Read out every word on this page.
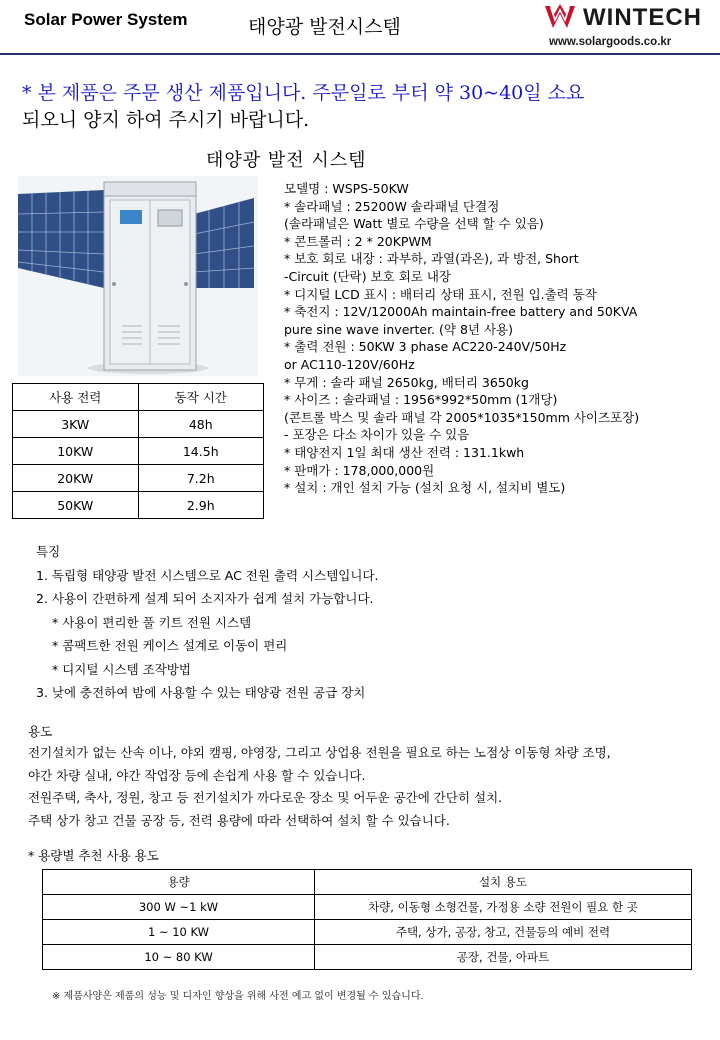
Solar Power System	태양광 발전시스템	WINTECH
www.solargoods.co.kr
* 본 제품은 주문 생산 제품입니다. 주문일로 부터 약 30~40일 소요
되오니 양지 하여 주시기 바랍니다.
태양광 발전 시스템
모델명 : WSPS-50KW
* 솔라패널 : 25200W 솔라패널 단결정
(솔라패널은 Watt 별로 수량을 선택 할 수 있음)
* 콘트롤러 : 2 * 20KPWM
* 보호 회로 내장 : 과부하, 과열(과온), 과 방전, Short
-Circuit (단락) 보호 회로 내장
* 디지털 LCD 표시 : 배터리 상태 표시, 전원 입.출력 동작
* 축전지 : 12V/12000Ah maintain-free battery and 50KVA
pure sine wave inverter. (약 8년 사용)
* 출력 전원 : 50KW 3 phase AC220-240V/50Hz
or AC110-120V/60Hz
* 무게 : 솔라 패널 2650kg, 배터리 3650kg
* 사이즈 : 솔라패널 : 1956*992*50mm (1개당)
(콘트롤 박스 및 솔라 패널 각 2005*1035*150mm 사이즈포장)
- 포장은 다소 차이가 있을 수 있음
* 태양전지 1일 최대 생산 전력 : 131.1kwh
* 판매가 : 178,000,000원
* 설치 : 개인 설치 가능 (설치 요청 시, 설치비 별도)
사용 전력	동작 시간
3KW	48h
10KW	14.5h
20KW	7.2h
50KW	2.9h
특징
1. 독립형 태양광 발전 시스템으로 AC 전원 출력 시스템입니다.
2. 사용이 간편하게 설계 되어 소지자가 쉽게 설치 가능합니다.
* 사용이 편리한 풀 키트 전원 시스템
* 콤팩트한 전원 케이스 설계로 이동이 편리
* 디지털 시스템 조작방법
3. 낮에 충전하여 밤에 사용할 수 있는 태양광 전원 공급 장치
용도
전기설치가 없는 산속 이나, 야외 캠핑, 야영장, 그리고 상업용 전원을 필요로 하는 노점상 이동형 차량 조명,
야간 차량 실내, 야간 작업장 등에 손쉽게 사용 할 수 있습니다.
전원주택, 축사, 정원, 창고 등 전기설치가 까다로운 장소 및 어두운 공간에 간단히 설치.
주택 상가 창고 건물 공장 등, 전력 용량에 따라 선택하여 설치 할 수 있습니다.
* 용량별 추천 사용 용도
용량	설치 용도
300 W ~1 kW	차량, 이동형 소형건물, 가정용 소량 전원이 필요 한 곳
1 ~ 10 KW	주택, 상가, 공장, 창고, 건물등의 예비 전력
10 ~ 80 KW	공장, 건물, 아파트
※ 제품사양은 제품의 성능 및 디자인 향상을 위해 사전 예고 없이 변경될 수 있습니다.
